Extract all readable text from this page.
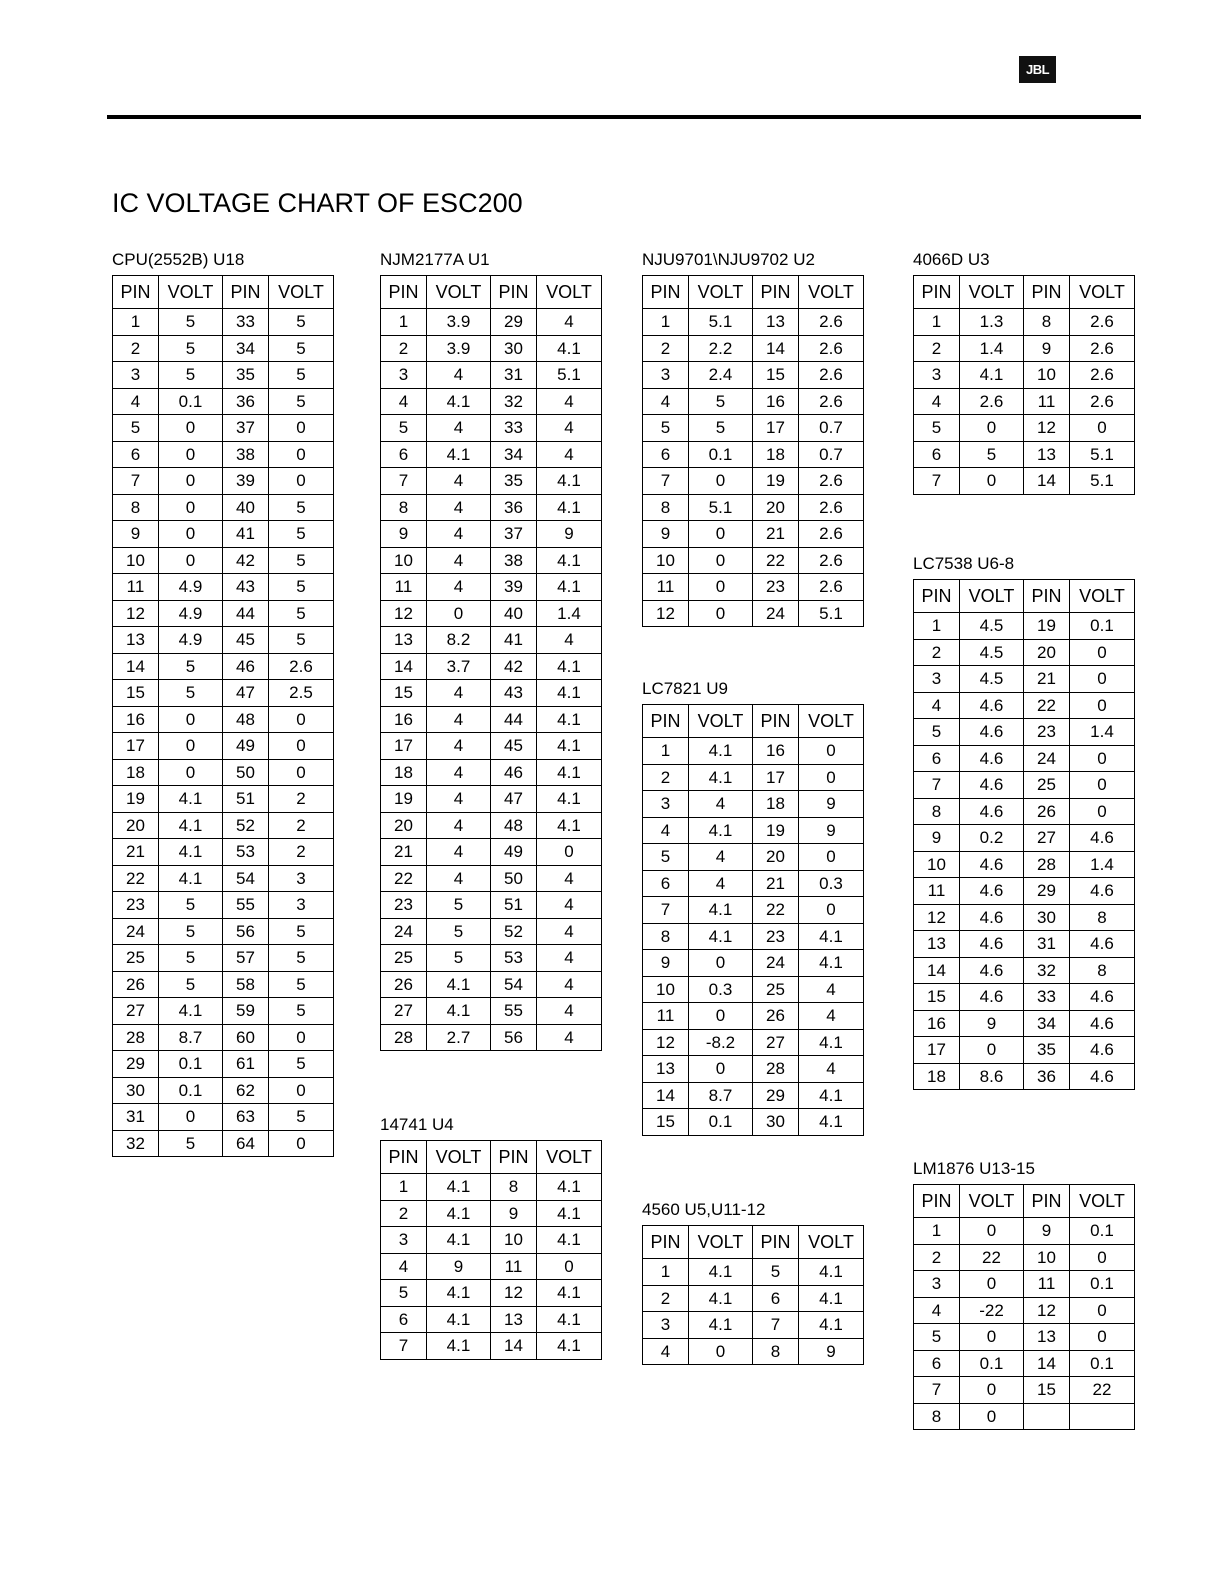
JBL
IC VOLTAGE CHART OF ESC200
CPU(2552B) U18
PIN	VOLT	PIN	VOLT
1	5	33	5
2	5	34	5
3	5	35	5
4	0.1	36	5
5	0	37	0
6	0	38	0
7	0	39	0
8	0	40	5
9	0	41	5
10	0	42	5
11	4.9	43	5
12	4.9	44	5
13	4.9	45	5
14	5	46	2.6
15	5	47	2.5
16	0	48	0
17	0	49	0
18	0	50	0
19	4.1	51	2
20	4.1	52	2
21	4.1	53	2
22	4.1	54	3
23	5	55	3
24	5	56	5
25	5	57	5
26	5	58	5
27	4.1	59	5
28	8.7	60	0
29	0.1	61	5
30	0.1	62	0
31	0	63	5
32	5	64	0
NJM2177A U1
PIN	VOLT	PIN	VOLT
1	3.9	29	4
2	3.9	30	4.1
3	4	31	5.1
4	4.1	32	4
5	4	33	4
6	4.1	34	4
7	4	35	4.1
8	4	36	4.1
9	4	37	9
10	4	38	4.1
11	4	39	4.1
12	0	40	1.4
13	8.2	41	4
14	3.7	42	4.1
15	4	43	4.1
16	4	44	4.1
17	4	45	4.1
18	4	46	4.1
19	4	47	4.1
20	4	48	4.1
21	4	49	0
22	4	50	4
23	5	51	4
24	5	52	4
25	5	53	4
26	4.1	54	4
27	4.1	55	4
28	2.7	56	4
14741 U4
PIN	VOLT	PIN	VOLT
1	4.1	8	4.1
2	4.1	9	4.1
3	4.1	10	4.1
4	9	11	0
5	4.1	12	4.1
6	4.1	13	4.1
7	4.1	14	4.1
NJU9701\NJU9702 U2
PIN	VOLT	PIN	VOLT
1	5.1	13	2.6
2	2.2	14	2.6
3	2.4	15	2.6
4	5	16	2.6
5	5	17	0.7
6	0.1	18	0.7
7	0	19	2.6
8	5.1	20	2.6
9	0	21	2.6
10	0	22	2.6
11	0	23	2.6
12	0	24	5.1
LC7821 U9
PIN	VOLT	PIN	VOLT
1	4.1	16	0
2	4.1	17	0
3	4	18	9
4	4.1	19	9
5	4	20	0
6	4	21	0.3
7	4.1	22	0
8	4.1	23	4.1
9	0	24	4.1
10	0.3	25	4
11	0	26	4
12	-8.2	27	4.1
13	0	28	4
14	8.7	29	4.1
15	0.1	30	4.1
4560 U5,U11-12
PIN	VOLT	PIN	VOLT
1	4.1	5	4.1
2	4.1	6	4.1
3	4.1	7	4.1
4	0	8	9
4066D U3
PIN	VOLT	PIN	VOLT
1	1.3	8	2.6
2	1.4	9	2.6
3	4.1	10	2.6
4	2.6	11	2.6
5	0	12	0
6	5	13	5.1
7	0	14	5.1
LC7538 U6-8
PIN	VOLT	PIN	VOLT
1	4.5	19	0.1
2	4.5	20	0
3	4.5	21	0
4	4.6	22	0
5	4.6	23	1.4
6	4.6	24	0
7	4.6	25	0
8	4.6	26	0
9	0.2	27	4.6
10	4.6	28	1.4
11	4.6	29	4.6
12	4.6	30	8
13	4.6	31	4.6
14	4.6	32	8
15	4.6	33	4.6
16	9	34	4.6
17	0	35	4.6
18	8.6	36	4.6
LM1876 U13-15
PIN	VOLT	PIN	VOLT
1	0	9	0.1
2	22	10	0
3	0	11	0.1
4	-22	12	0
5	0	13	0
6	0.1	14	0.1
7	0	15	22
8	0		
